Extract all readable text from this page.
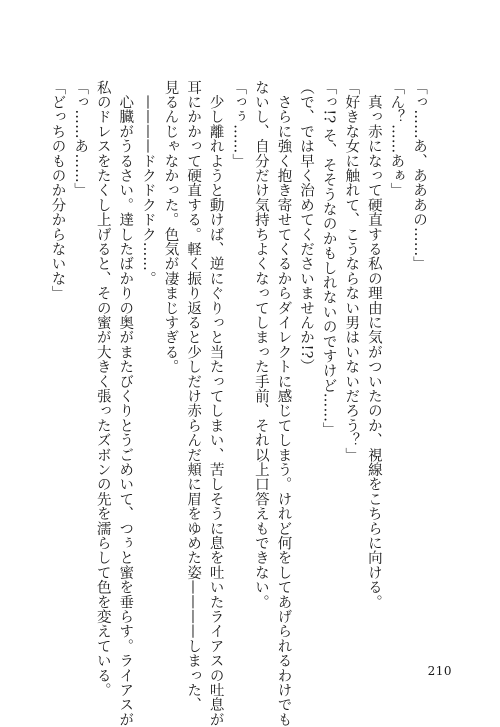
「っ……あ、あああの……」
「ん？……あぁ」
　真っ赤になって硬直する私の理由に気がついたのか、視線をこちらに向ける。
「好きな女に触れて、こうならない男はいないだろう？」
「っ!? そ、そそうなのかもしれないのですけど……」
（で、では早く治めてくださいませんか!?）
　さらに強く抱き寄せてくるからダイレクトに感じてしまう。けれど何をしてあげられるわけでも
ないし、自分だけ気持ちよくなってしまった手前、それ以上口答えもできない。
「っぅ……」
　少し離れようと動けば、逆にぐりっと当たってしまい、苦しそうに息を吐いたライアスの吐息が
耳にかかって硬直する。軽く振り返ると少しだけ赤らんだ頬に眉をゆめた姿————しまった、
見るんじゃなかった。色気が凄まじすぎる。
　————ドクドクドク……。
　心臓がうるさい。達したばかりの奥がまたびくりとうごめいて、つぅと蜜を垂らす。ライアスが
私のドレスをたくし上げると、その蜜が大きく張ったズボンの先を濡らして色を変えている。
「っ……あ……」
「どっちのものか分からないな」
210
